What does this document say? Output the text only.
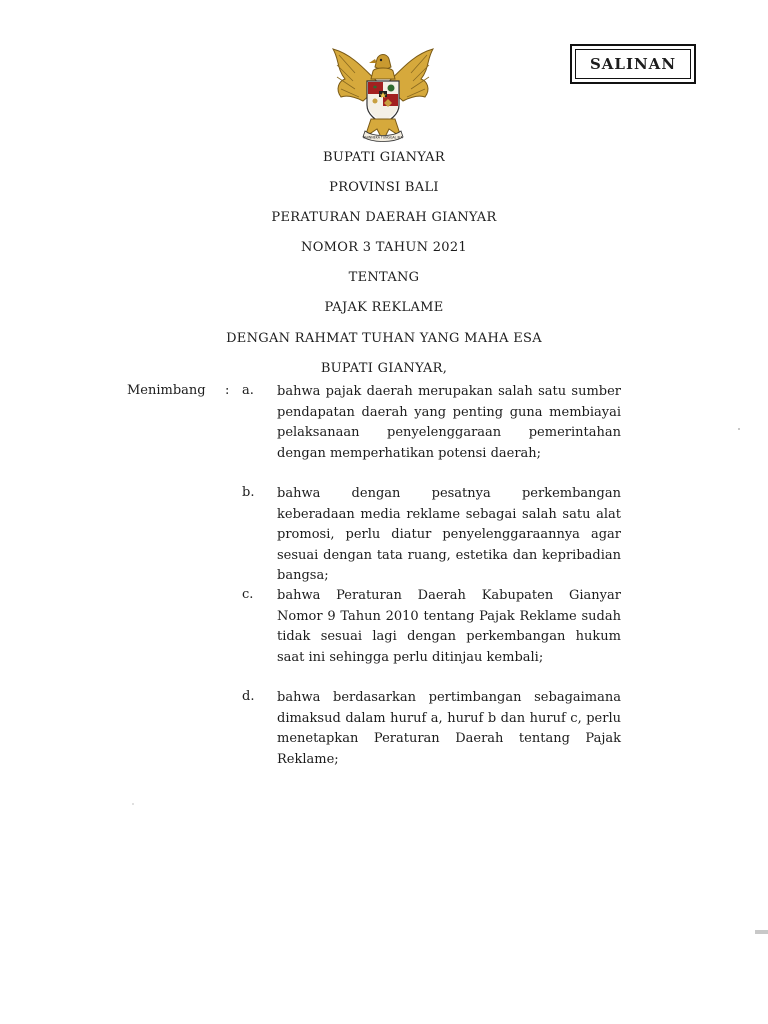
SALINAN
BHINNEKA TUNGGAL IKA
BUPATI GIANYAR
PROVINSI BALI
PERATURAN DAERAH GIANYAR
NOMOR 3 TAHUN 2021
TENTANG
PAJAK REKLAME
DENGAN RAHMAT TUHAN YANG MAHA ESA
BUPATI GIANYAR,
Menimbang : a. bahwa pajak daerah merupakan salah satu sumber pendapatan daerah yang penting guna membiayai pelaksanaan penyelenggaraan pemerintahan dengan memperhatikan potensi daerah;
b. bahwa dengan pesatnya perkembangan keberadaan media reklame sebagai salah satu alat promosi, perlu diatur penyelenggaraannya agar sesuai dengan tata ruang, estetika dan kepribadian bangsa;
c. bahwa Peraturan Daerah Kabupaten Gianyar Nomor 9 Tahun 2010 tentang Pajak Reklame sudah tidak sesuai lagi dengan perkembangan hukum saat ini sehingga perlu ditinjau kembali;
d. bahwa berdasarkan pertimbangan sebagaimana dimaksud dalam huruf a, huruf b dan huruf c, perlu menetapkan Peraturan Daerah tentang Pajak Reklame;
